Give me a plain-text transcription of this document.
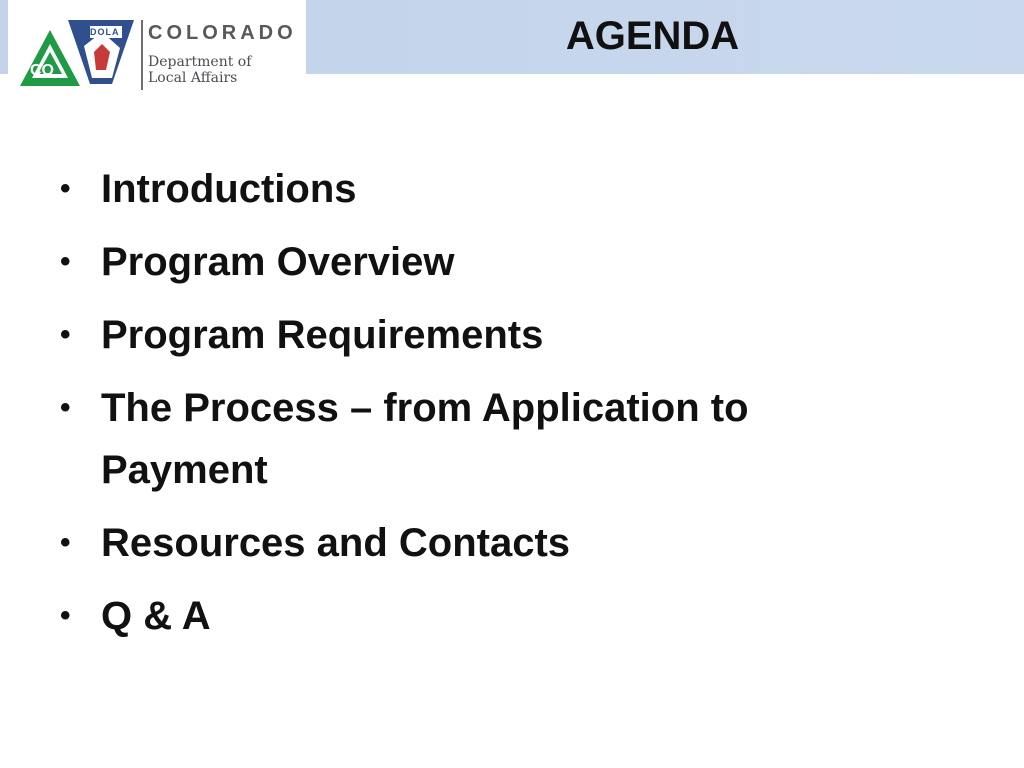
DOLA
CO
COLORADO
Department of
Local Affairs
AGENDA
• Introductions
• Program Overview
• Program Requirements
• The Process – from Application to Payment
• Resources and Contacts
• Q & A
